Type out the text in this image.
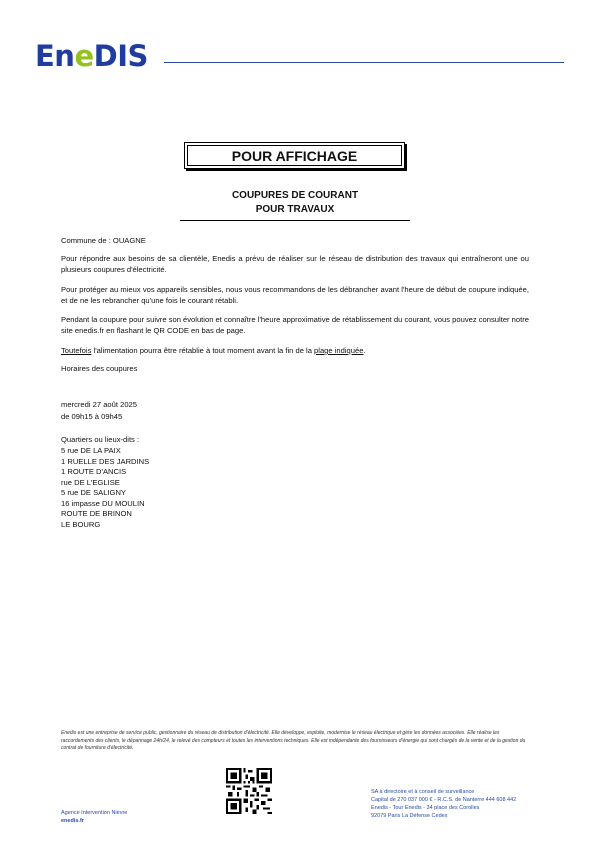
EneDIS
POUR AFFICHAGE
COUPURES DE COURANT
POUR TRAVAUX
Commune de : OUAGNE
Pour répondre aux besoins de sa clientèle, Enedis a prévu de réaliser sur le réseau de distribution des travaux qui entraîneront une ou plusieurs coupures d'électricité.
Pour protéger au mieux vos appareils sensibles, nous vous recommandons de les débrancher avant l'heure de début de coupure indiquée, et de ne les rebrancher qu'une fois le courant rétabli.
Pendant la coupure pour suivre son évolution et connaître l'heure approximative de rétablissement du courant, vous pouvez consulter notre site enedis.fr en flashant le QR CODE en bas de page.
Toutefois l'alimentation pourra être rétablie à tout moment avant la fin de la plage indiquée.
Horaires des coupures
mercredi 27 août 2025
de 09h15 à 09h45
Quartiers ou lieux-dits :
5 rue DE LA PAIX
1 RUELLE DES JARDINS
1 ROUTE D'ANCIS
rue DE L'EGLISE
5 rue DE SALIGNY
16 impasse DU MOULIN
ROUTE DE BRINON
LE BOURG
Enedis est une entreprise de service public, gestionnaire du réseau de distribution d'électricité. Elle développe, exploite, modernise le réseau électrique et gère les données associées. Elle réalise les raccordements des clients, le dépannage 24h/24, le relevé des compteurs et toutes les interventions techniques. Elle est indépendante des fournisseurs d'énergie qui sont chargés de la vente et de la gestion du contrat de fourniture d'électricité.
Agence Intervention Nièvre
enedis.fr
SA à directoire et à conseil de surveillance
Capital de 270 037 000 € - R.C.S. de Nanterre 444 608 442
Enedis - Tour Enedis - 34 place des Corolles
92079 Paris La Défense Cedex
